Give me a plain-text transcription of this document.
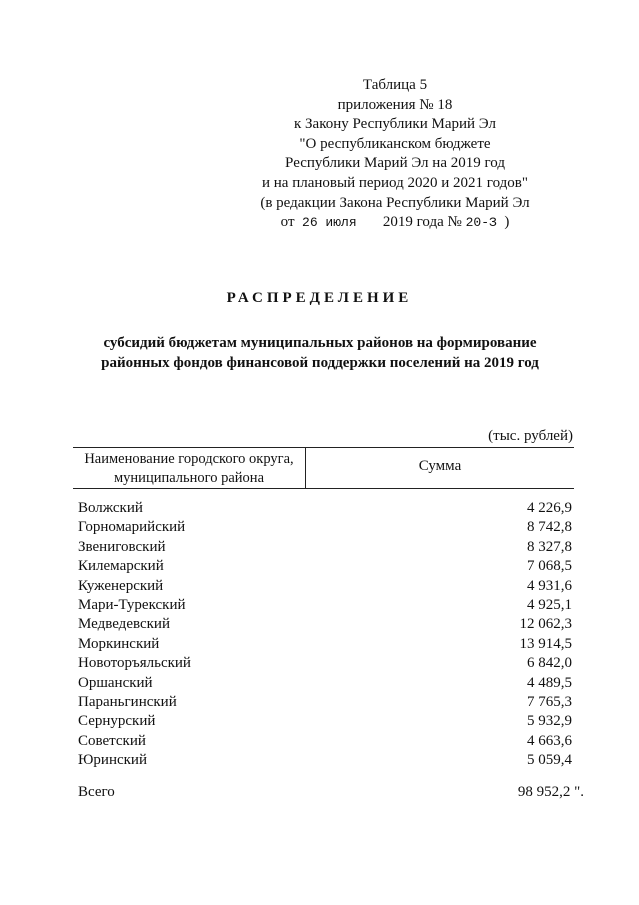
Таблица 5
приложения № 18
к Закону Республики Марий Эл
"О республиканском бюджете
Республики Марий Эл на 2019 год
и на плановый период 2020 и 2021 годов"
(в редакции Закона Республики Марий Эл
от 26 июля 2019 года № 20-З )
РАСПРЕДЕЛЕНИЕ
субсидий бюджетам муниципальных районов на формирование
районных фондов финансовой поддержки поселений на 2019 год
(тыс. рублей)
Наименование городского округа,
муниципального района
Сумма
Волжский	4 226,9
Горномарийский	8 742,8
Звениговский	8 327,8
Килемарский	7 068,5
Куженерский	4 931,6
Мари-Турекский	4 925,1
Медведевский	12 062,3
Моркинский	13 914,5
Новоторъяльский	6 842,0
Оршанский	4 489,5
Параньгинский	7 765,3
Сернурский	5 932,9
Советский	4 663,6
Юринский	5 059,4
Всего	98 952,2 ".
